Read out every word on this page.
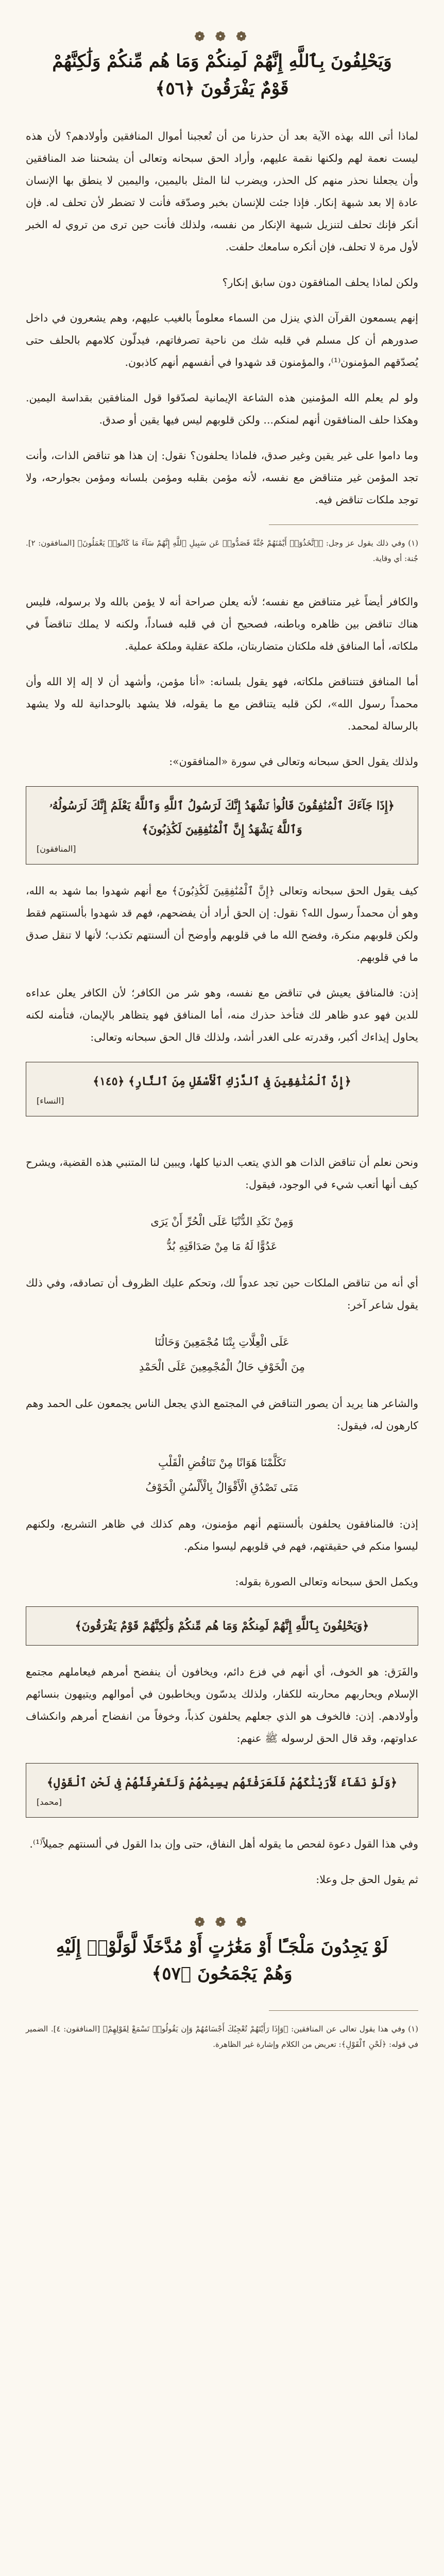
❁ ❁ ❁
وَيَحْلِفُونَ بِٱللَّهِ إِنَّهُمْ لَمِنكُمْ وَمَا هُم مِّنكُمْ وَلَٰكِنَّهُمْ قَوْمٌ يَفْرَقُونَ ﴿٥٦﴾

لماذا أتى الله بهذه الآية بعد أن حذرنا من أن تُعجبنا أموال المنافقين وأولادهم؟ لأن هذه ليست نعمة لهم ولكنها نقمة عليهم، وأراد الحق سبحانه وتعالى أن يشحننا ضد المنافقين وأن يجعلنا نحذر منهم كل الحذر، ويضرب لنا المثل باليمين، واليمين لا ينطق بها الإنسان عادة إلا بعد شبهة إنكار. فإذا جئت للإنسان بخبر وصدّقه فأنت لا تضطر لأن تحلف له. فإن أنكر فإنك تحلف لتنزيل شبهة الإنكار من نفسه، ولذلك فأنت حين ترى من تروي له الخبر لأول مرة لا تحلف، فإن أنكره سامعك حلفت.

ولكن لماذا يحلف المنافقون دون سابق إنكار؟

إنهم يسمعون القرآن الذي ينزل من السماء معلوماً بالغيب عليهم، وهم يشعرون في داخل صدورهم أن كل مسلم في قلبه شك من ناحية تصرفاتهم، فيدلّون كلامهم بالحلف حتى يُصدّقهم المؤمنون⁽¹⁾، والمؤمنون قد شهدوا في أنفسهم أنهم كاذبون.

ولو لم يعلم الله المؤمنين هذه الشاعة الإيمانية لصدّقوا قول المنافقين بقداسة اليمين. وهكذا حلف المنافقون أنهم لمنكم... ولكن قلوبهم ليس فيها يقين أو صدق.

وما داموا على غير يقين وغير صدق، فلماذا يحلفون؟ نقول: إن هذا هو تناقض الذات، وأنت تجد المؤمن غير متناقض مع نفسه، لأنه مؤمن بقلبه ومؤمن بلسانه ومؤمن بجوارحه، ولا توجد ملكات تناقض فيه.

(١) وفي ذلك يقول عز وجل: ﴿ٱتَّخَذُوٓا۟ أَيْمَٰنَهُمْ جُنَّةً فَصَدُّوا۟ عَن سَبِيلِ ٱللَّهِ إِنَّهُمْ سَآءَ مَا كَانُوا۟ يَعْمَلُونَ﴾ [المنافقون: ٢]. جُنة: أي وقاية.

والكافر أيضاً غير متناقض مع نفسه؛ لأنه يعلن صراحة أنه لا يؤمن بالله ولا برسوله، فليس هناك تناقض بين ظاهره وباطنه، فصحيح أن في قلبه فساداً، ولكنه لا يملك تناقضاً في ملكاته، أما المنافق فله ملكتان متضاربتان، ملكة عقلية وملكة عملية.

أما المنافق فتتناقض ملكاته، فهو يقول بلسانه: «أنا مؤمن، وأشهد أن لا إله إلا الله وأن محمداً رسول الله»، لكن قلبه يتناقض مع ما يقوله، فلا يشهد بالوحدانية لله ولا يشهد بالرسالة لمحمد.

ولذلك يقول الحق سبحانه وتعالى في سورة «المنافقون»:

﴿إِذَا جَآءَكَ ٱلْمُنَٰفِقُونَ قَالُوا۟ نَشْهَدُ إِنَّكَ لَرَسُولُ ٱللَّهِ وَٱللَّهُ يَعْلَمُ إِنَّكَ لَرَسُولُهُۥ وَٱللَّهُ يَشْهَدُ إِنَّ ٱلْمُنَٰفِقِينَ لَكَٰذِبُونَ﴾
[المنافقون]

كيف يقول الحق سبحانه وتعالى ﴿إِنَّ ٱلْمُنَٰفِقِينَ لَكَٰذِبُونَ﴾ مع أنهم شهدوا بما شهد به الله، وهو أن محمداً رسول الله؟ نقول: إن الحق أراد أن يفضحهم، فهم قد شهدوا بألسنتهم فقط ولكن قلوبهم منكرة، وفضح الله ما في قلوبهم وأوضح أن ألسنتهم تكذب؛ لأنها لا تنقل صدق ما في قلوبهم.

إذن: فالمنافق يعيش في تناقض مع نفسه، وهو شر من الكافر؛ لأن الكافر يعلن عداءه للدين فهو عدو ظاهر لك فتأخذ حذرك منه، أما المنافق فهو يتظاهر بالإيمان، فتأمنه لكنه يحاول إيذاءك أكبر، وقدرته على الغدر أشد، ولذلك قال الحق سبحانه وتعالى:

﴿إِنَّ ٱلْمُنَٰفِقِينَ فِى ٱلدَّرْكِ ٱلْأَسْفَلِ مِنَ ٱلنَّارِ﴾ ﴿١٤٥﴾
[النساء]

ونحن نعلم أن تناقض الذات هو الذي يتعب الدنيا كلها، ويبين لنا المتنبي هذه القضية، ويشرح كيف أنها أتعب شيء في الوجود، فيقول:

وَمِنْ نَكَدِ الدُّنْيَا عَلَى الْحُرِّ أَنْ يَرَى
عَدُوًّا لَهُ مَا مِنْ صَدَاقَتِهِ بُدُّ

أي أنه من تناقض الملكات حين تجد عدواً لك، وتحكم عليك الظروف أن تصادقه، وفي ذلك يقول شاعر آخر:

عَلَى الْعِلَّاتِ بِتْنَا مُجْمَعِينَ وَحَالُنَا
مِنَ الْخَوْفِ حَالُ الْمُجْمِعِينَ عَلَى الْحَمْدِ

والشاعر هنا يريد أن يصور التناقض في المجتمع الذي يجعل الناس يجمعون على الحمد وهم كارهون له، فيقول:

تَكَلَّمْنَا هَوَانًا مِنْ تَنَاقُضِ الْقَلْبِ
مَتَى تَصْدُقِ الْأَقْوَالُ بِالْأَلْسُنِ الْخَوْفُ

إذن: فالمنافقون يحلفون بألسنتهم أنهم مؤمنون، وهم كذلك في ظاهر التشريع، ولكنهم ليسوا منكم في حقيقتهم، فهم في قلوبهم ليسوا منكم.

ويكمل الحق سبحانه وتعالى الصورة بقوله:

﴿وَيَحْلِفُونَ بِٱللَّهِ إِنَّهُمْ لَمِنكُمْ وَمَا هُم مِّنكُمْ وَلَٰكِنَّهُمْ قَوْمٌ يَفْرَقُونَ﴾

والفَرَق: هو الخوف، أي أنهم في فزع دائم، ويخافون أن ينفضح أمرهم فيعاملهم مجتمع الإسلام ويحاربهم محاربته للكفار، ولذلك يدسّون ويخاطبون في أموالهم ويتيهون بنسائهم وأولادهم. إذن: فالخوف هو الذي جعلهم يحلفون كذباً، وخوفاً من انفضاح أمرهم وانكشاف عداوتهم، وقد قال الحق لرسوله ﷺ عنهم:

﴿وَلَوْ نَشَآءُ لَأَرَيْنَٰكَهُمْ فَلَعَرَفْتَهُم بِسِيمَٰهُمْ وَلَتَعْرِفَنَّهُمْ فِى لَحْنِ ٱلْقَوْلِ﴾
[محمد]

وفي هذا القول دعوة لفحص ما يقوله أهل النفاق، حتى وإن بدا القول في ألسنتهم جميلاً⁽¹⁾.

ثم يقول الحق جل وعلا:

❁ ❁ ❁
لَوْ يَجِدُونَ مَلْجَـًٔا أَوْ مَغَٰرَٰتٍ أَوْ مُدَّخَلًا لَّوَلَّوْا۟ إِلَيْهِ وَهُمْ يَجْمَحُونَ ﴿٥٧﴾

(١) وفي هذا يقول تعالى عن المنافقين: ﴿وَإِذَا رَأَيْتَهُمْ تُعْجِبُكَ أَجْسَامُهُمْ وَإِن يَقُولُوا۟ تَسْمَعْ لِقَوْلِهِمْ﴾ [المنافقون: ٤]. الضمير في قوله: ﴿لَحْنِ ٱلْقَوْلِ﴾: تعريض من الكلام وإشارة غير الظاهرة.
